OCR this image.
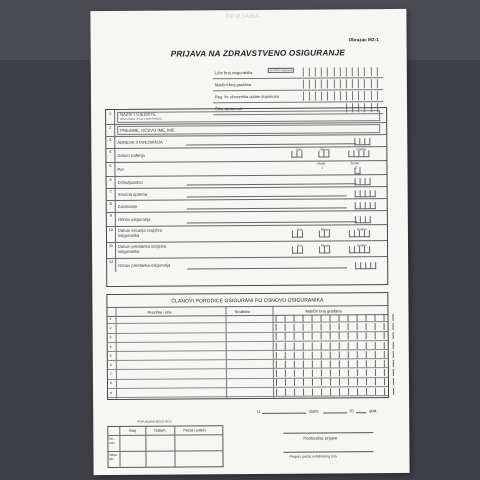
ПРИЈАВА
Obrazac MZ-1
PRIJAVA NA ZDRAVSTVENO OSIGURANJE
Lični broj osiguranika	Porodično osiguranje
Matični broj građana
Reg. br. obveznika uplate doprinosa
Šifra djelatnosti
1	NAZIV I SJEDIŠTE
OBVEZNIKA UPLATE DOPRINOSA
2	PREZIME, OČEVO IME, IME
3	ADRESA STANOVANJA
4
Datum rođenja
Dan	Mjesec	Godina
5
Pol
Muški
1
Ženski
2
6	Državljanstvo
7	Stručna sprema
8	Zanimanje
9
Osnov osiguranja
10	Datum sticanja svojstva osiguranika
Dan	Mjesec	Godina
11	Datum prestanka svojstva osiguranika
Dan	Mjesec	Godina
12
Osnov prestanka osiguranja
ČLANOVI PORODICE OSIGURANI PO OSNOVU OSIGURANIKA
Prezime i ime	Srodstvo	Matični broj građana
1
2
3
4
5
6
7
8
9
POPUNJAVA MZZO RCG
Broj	Datum	Pečat i potpis
Pri-
mio
Obra-
dio
U	dana	20	god.
Podnosilac prijave
Potpis i pečat ovlašćenog lica
